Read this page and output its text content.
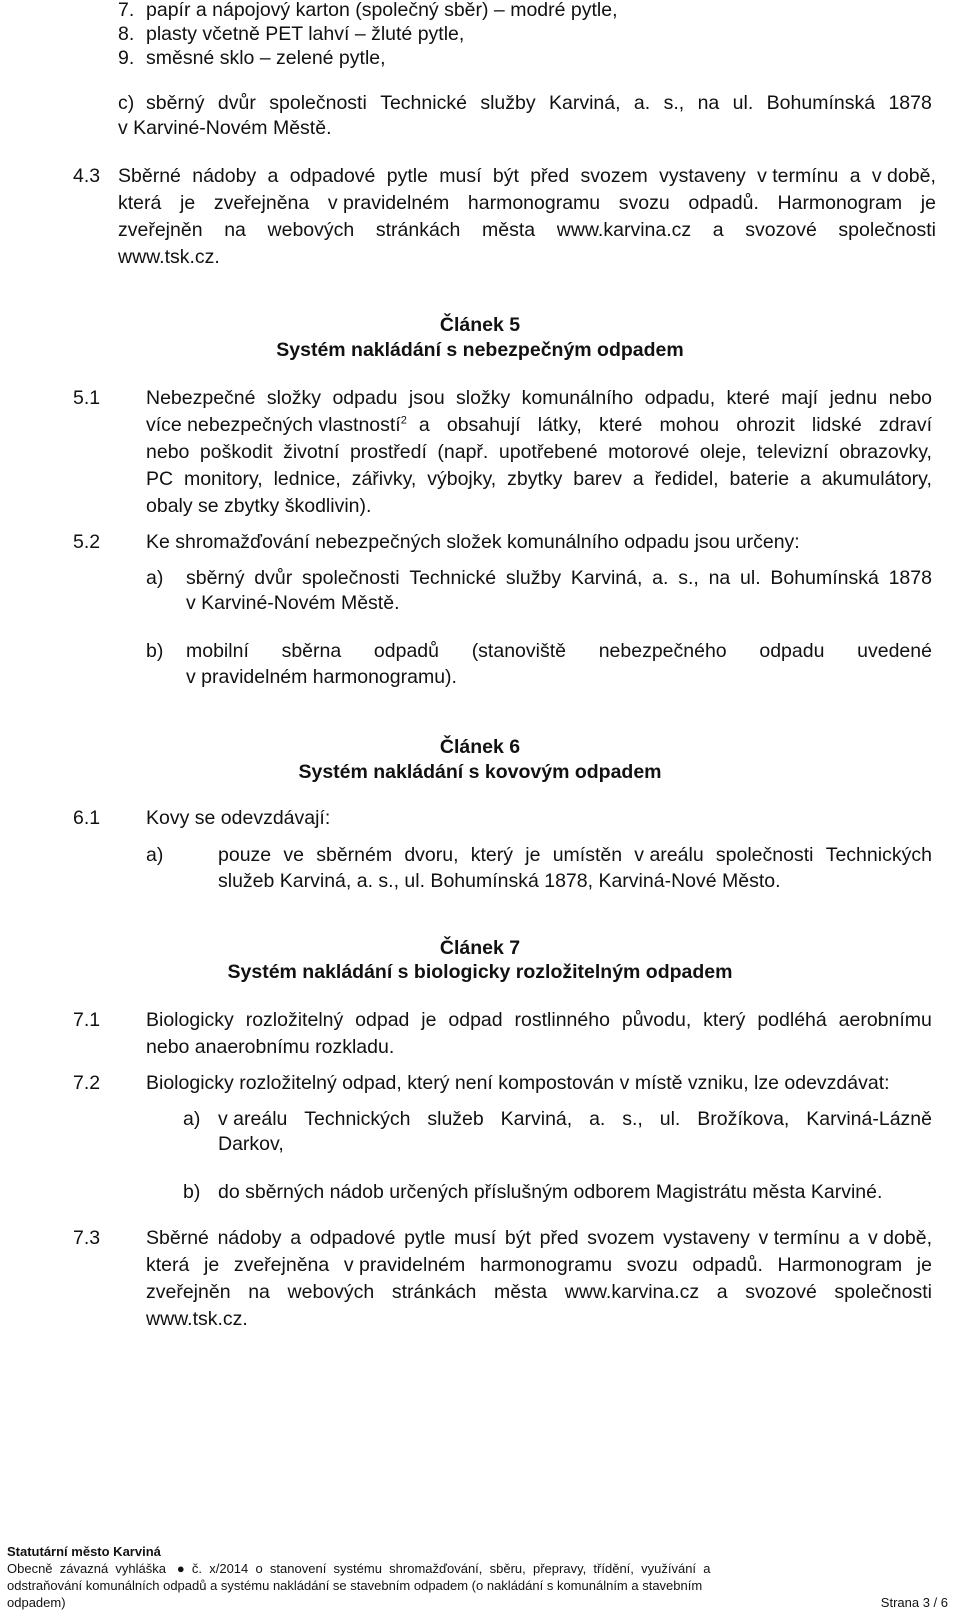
7. papír a nápojový karton (společný sběr) – modré pytle,
8. plasty včetně PET lahví – žluté pytle,
9. směsné sklo – zelené pytle,
c) sběrný dvůr společnosti Technické služby Karviná, a. s., na ul. Bohumínská 1878
v Karviné-Novém Městě.
4.3 Sběrné nádoby a odpadové pytle musí být před svozem vystaveny v termínu a v době,
která je zveřejněna v pravidelném harmonogramu svozu odpadů. Harmonogram je
zveřejněn na webových stránkách města www.karvina.cz a svozové společnosti
www.tsk.cz.
Článek 5
Systém nakládání s nebezpečným odpadem
5.1 Nebezpečné složky odpadu jsou složky komunálního odpadu, které mají jednu nebo
více nebezpečných vlastností$^2$ a obsahují látky, které mohou ohrozit lidské zdraví
nebo poškodit životní prostředí (např. upotřebené motorové oleje, televizní obrazovky,
PC monitory, lednice, zářivky, výbojky, zbytky barev a ředidel, baterie a akumulátory,
obaly se zbytky škodlivin).
5.2 Ke shromažďování nebezpečných složek komunálního odpadu jsou určeny:
a) sběrný dvůr společnosti Technické služby Karviná, a. s., na ul. Bohumínská 1878
v Karviné-Novém Městě.
b) mobilní sběrna odpadů (stanoviště nebezpečného odpadu uvedené
v pravidelném harmonogramu).
Článek 6
Systém nakládání s kovovým odpadem
6.1 Kovy se odevzdávají:
a)	pouze ve sběrném dvoru, který je umístěn v areálu společnosti Technických
služeb Karviná, a. s., ul. Bohumínská 1878, Karviná-Nové Město.
Článek 7
Systém nakládání s biologicky rozložitelným odpadem
7.1 Biologicky rozložitelný odpad je odpad rostlinného původu, který podléhá aerobnímu
nebo anaerobnímu rozkladu.
7.2 Biologicky rozložitelný odpad, který není kompostován v místě vzniku, lze odevzdávat:
a) v areálu Technických služeb Karviná, a. s., ul. Brožíkova, Karviná-Lázně
Darkov,
b) do sběrných nádob určených příslušným odborem Magistrátu města Karviné.
7.3 Sběrné nádoby a odpadové pytle musí být před svozem vystaveny v termínu a v době,
která je zveřejněna v pravidelném harmonogramu svozu odpadů. Harmonogram je
zveřejněn na webových stránkách města www.karvina.cz a svozové společnosti
www.tsk.cz.
Statutární město Karviná
Obecně  závazná  vyhláška   ●  č.  x/2014  o  stanovení  systému  shromažďování,  sběru,  přepravy,  třídění,  využívání  a
odstraňování komunálních odpadů a systému nakládání se stavebním odpadem (o nakládání s komunálním a stavebním
odpadem)	Strana 3 / 6
